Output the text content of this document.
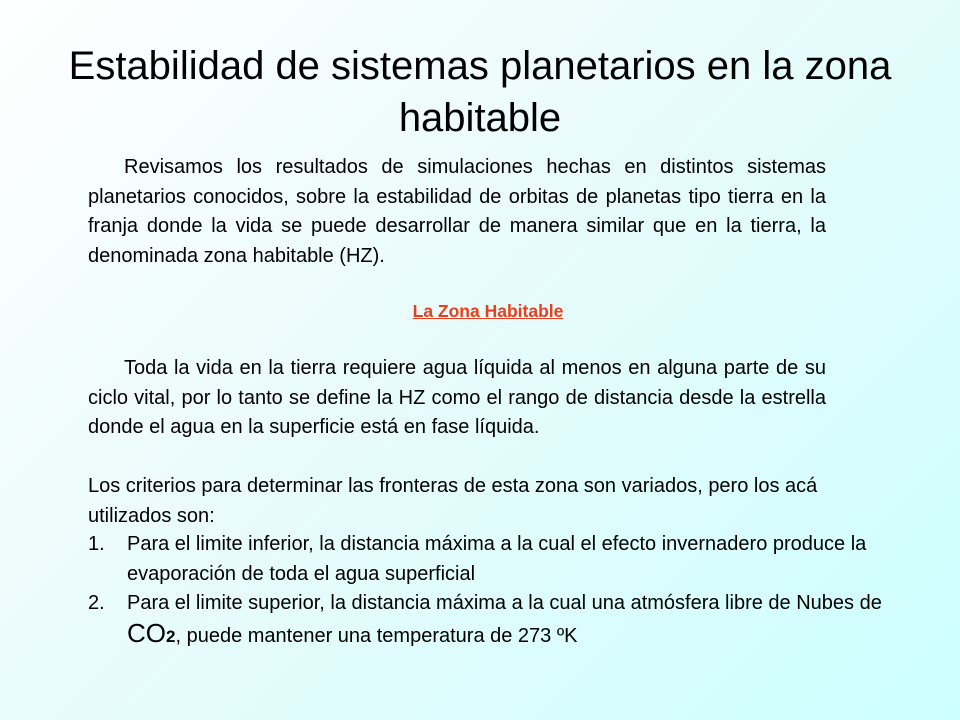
Estabilidad de sistemas planetarios en la zona habitable

Revisamos los resultados de simulaciones hechas en distintos sistemas planetarios conocidos, sobre la estabilidad de orbitas de planetas tipo tierra en la franja donde la vida se puede desarrollar de manera similar que en la tierra, la denominada zona habitable (HZ).

La Zona Habitable

Toda la vida en la tierra requiere agua líquida al menos en alguna parte de su ciclo vital, por lo tanto se define la HZ como el rango de distancia desde la estrella donde el agua en la superficie está en fase líquida.

Los criterios para determinar las fronteras de esta zona son variados, pero los acá utilizados son:
1. Para el limite inferior, la distancia máxima a la cual el efecto invernadero produce la evaporación de toda el agua superficial
2. Para el limite superior, la distancia máxima a la cual una atmósfera libre de Nubes de CO2, puede mantener una temperatura de 273 ºK
